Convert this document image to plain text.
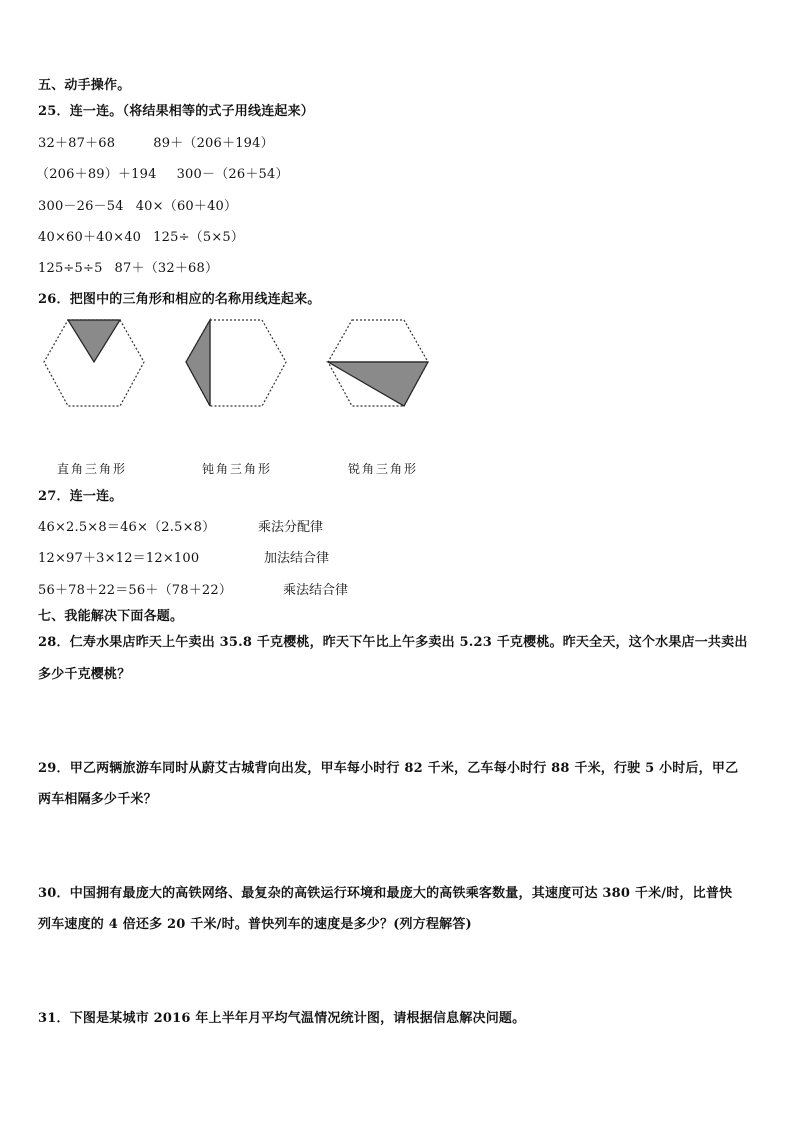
五、动手操作。
25．连一连。（将结果相等的式子用线连起来）
32＋87＋68	89＋（206＋194）
（206＋89）＋194 300－（26＋54）
300－26－54 40×（60＋40）
40×60＋40×40 125÷（5×5）
125÷5÷5 87＋（32＋68）
26．把图中的三角形和相应的名称用线连起来。
直角三角形	钝角三角形	锐角三角形
27．连一连。
46×2.5×8＝46×（2.5×8）	乘法分配律
12×97＋3×12＝12×100	加法结合律
56＋78＋22＝56＋（78＋22）	乘法结合律
七、我能解决下面各题。
28．仁寿水果店昨天上午卖出 35.8 千克樱桃，昨天下午比上午多卖出 5.23 千克樱桃。昨天全天，这个水果店一共卖出
多少千克樱桃？
29．甲乙两辆旅游车同时从蔚艾古城背向出发，甲车每小时行 82 千米，乙车每小时行 88 千米，行驶 5 小时后，甲乙
两车相隔多少千米？
30．中国拥有最庞大的高铁网络、最复杂的高铁运行环境和最庞大的高铁乘客数量，其速度可达 380 千米/时，比普快
列车速度的 4 倍还多 20 千米/时。普快列车的速度是多少？(列方程解答)
31．下图是某城市 2016 年上半年月平均气温情况统计图，请根据信息解决问题。
